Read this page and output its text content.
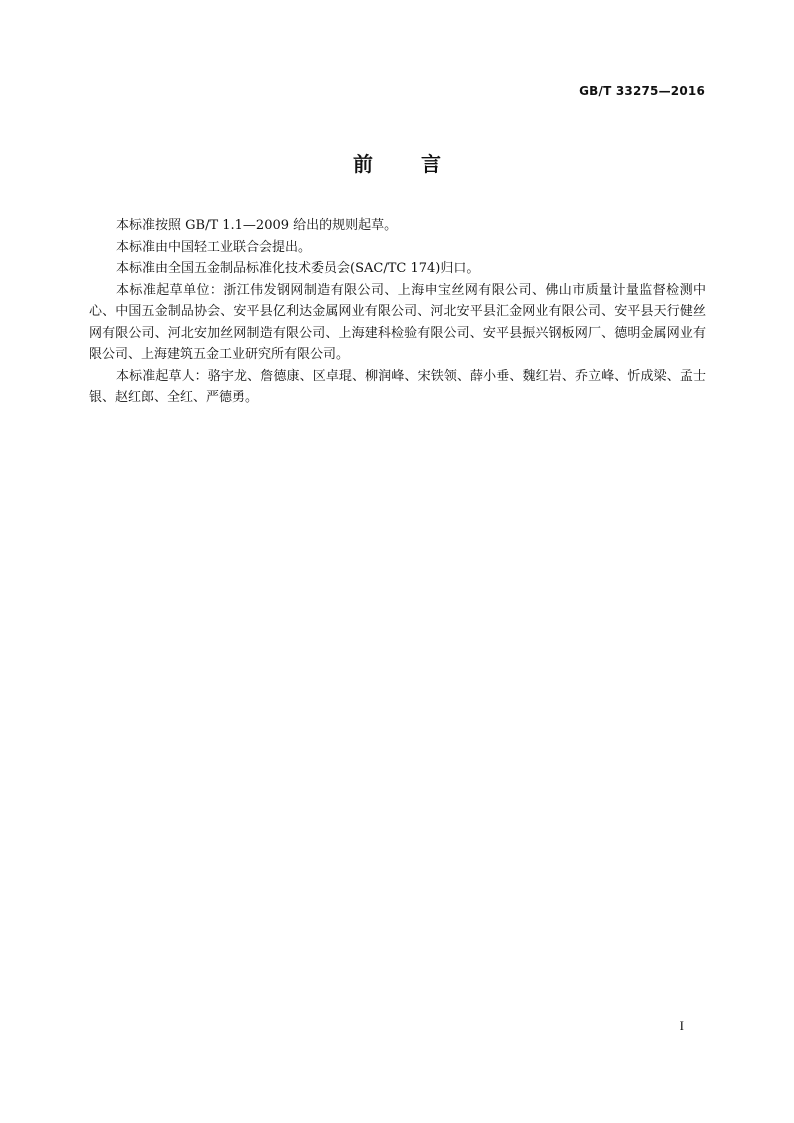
GB/T 33275—2016
前言

本标准按照 GB/T 1.1—2009 给出的规则起草。

本标准由中国轻工业联合会提出。

本标准由全国五金制品标准化技术委员会(SAC/TC 174)归口。

本标准起草单位：浙江伟发钢网制造有限公司、上海申宝丝网有限公司、佛山市质量计量监督检测中心、中国五金制品协会、安平县亿利达金属网业有限公司、河北安平县汇金网业有限公司、安平县天行健丝网有限公司、河北安加丝网制造有限公司、上海建科检验有限公司、安平县振兴钢板网厂、德明金属网业有限公司、上海建筑五金工业研究所有限公司。

本标准起草人：骆宇龙、詹德康、区卓琨、柳润峰、宋铁领、薛小垂、魏红岩、乔立峰、忻成梁、孟士银、赵红郎、全红、严德勇。

I
